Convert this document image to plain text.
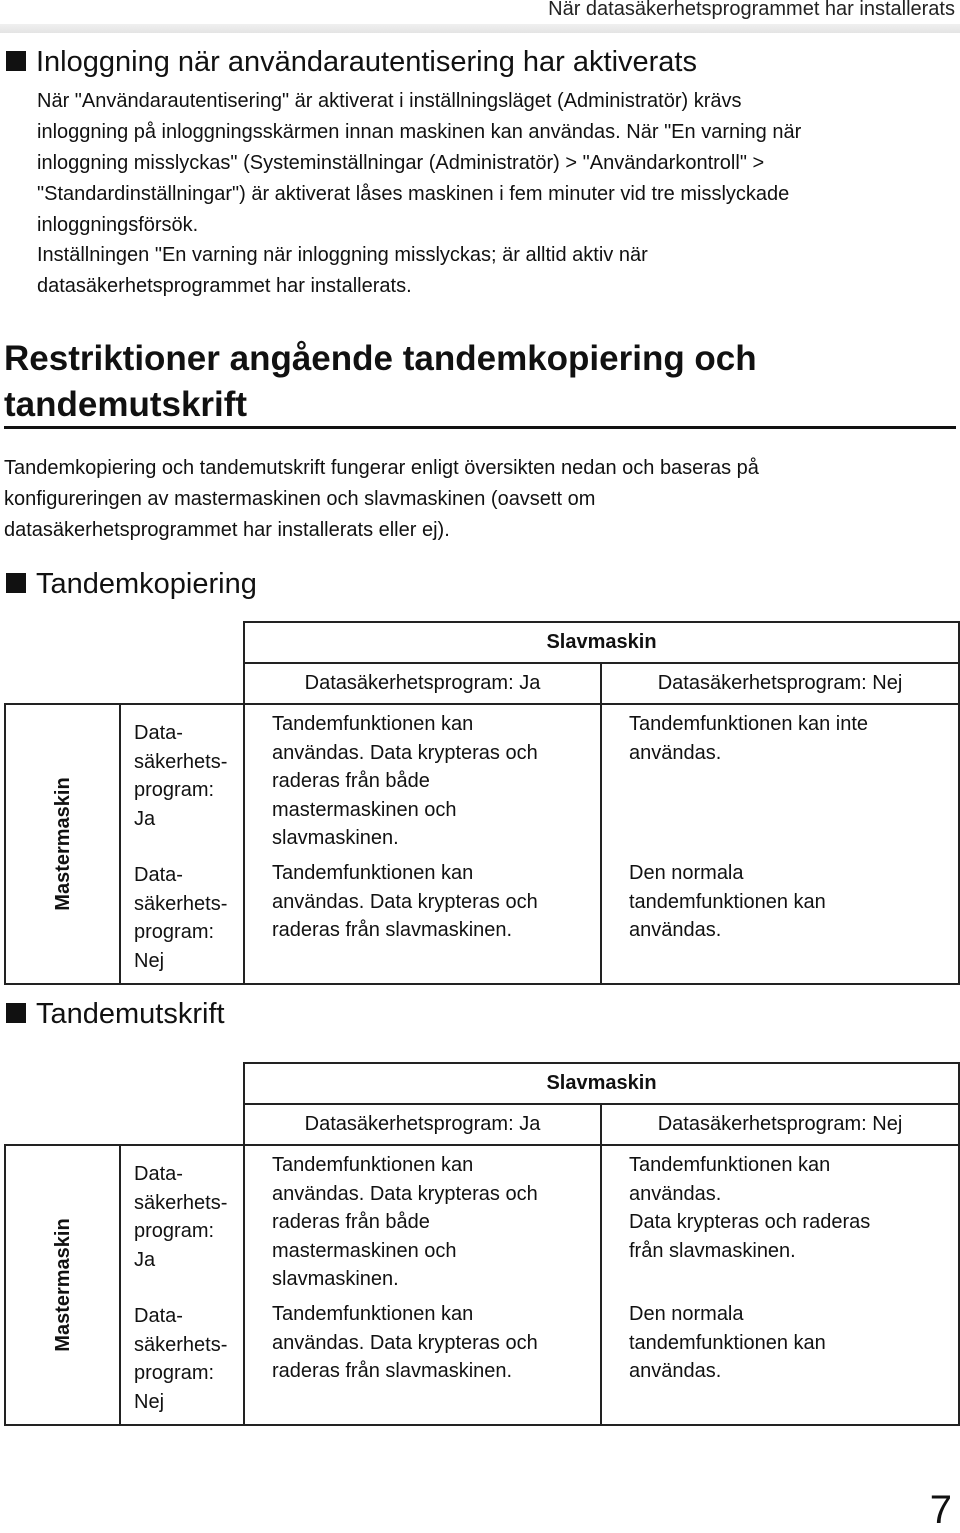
När datasäkerhetsprogrammet har installerats
Inloggning när användarautentisering har aktiverats

När "Användarautentisering" är aktiverat i inställningsläget (Administratör) krävs
inloggning på inloggningsskärmen innan maskinen kan användas. När "En varning när
inloggning misslyckas" (Systeminställningar (Administratör) > "Användarkontroll" >
"Standardinställningar") är aktiverat låses maskinen i fem minuter vid tre misslyckade
inloggningsförsök.

Inställningen "En varning när inloggning misslyckas; är alltid aktiv när
datasäkerhetsprogrammet har installerats.

Restriktioner angående tandemkopiering och
tandemutskrift

Tandemkopiering och tandemutskrift fungerar enligt översikten nedan och baseras på
konfigureringen av mastermaskinen och slavmaskinen (oavsett om
datasäkerhetsprogrammet har installerats eller ej).

Tandemkopiering
		Slavmaskin	
		Datasäkerhetsprogram: Ja	Datasäkerhetsprogram: Nej

Mastermaskin	Data-
säkerhets-
program:
Ja	Tandemfunktionen kan
användas. Data krypteras och
raderas från både
mastermaskinen och
slavmaskinen.	Tandemfunktionen kan inte
användas.
	Data-
säkerhets-
program:
Nej	Tandemfunktionen kan
användas. Data krypteras och
raderas från slavmaskinen.	Den normala
tandemfunktionen kan
användas.
Tandemutskrift
		Slavmaskin	
		Datasäkerhetsprogram: Ja	Datasäkerhetsprogram: Nej

Mastermaskin	Data-
säkerhets-
program:
Ja	Tandemfunktionen kan
användas. Data krypteras och
raderas från både
mastermaskinen och
slavmaskinen.	Tandemfunktionen kan
användas.
Data krypteras och raderas
från slavmaskinen.
	Data-
säkerhets-
program:
Nej	Tandemfunktionen kan
användas. Data krypteras och
raderas från slavmaskinen.	Den normala
tandemfunktionen kan
användas.
7
